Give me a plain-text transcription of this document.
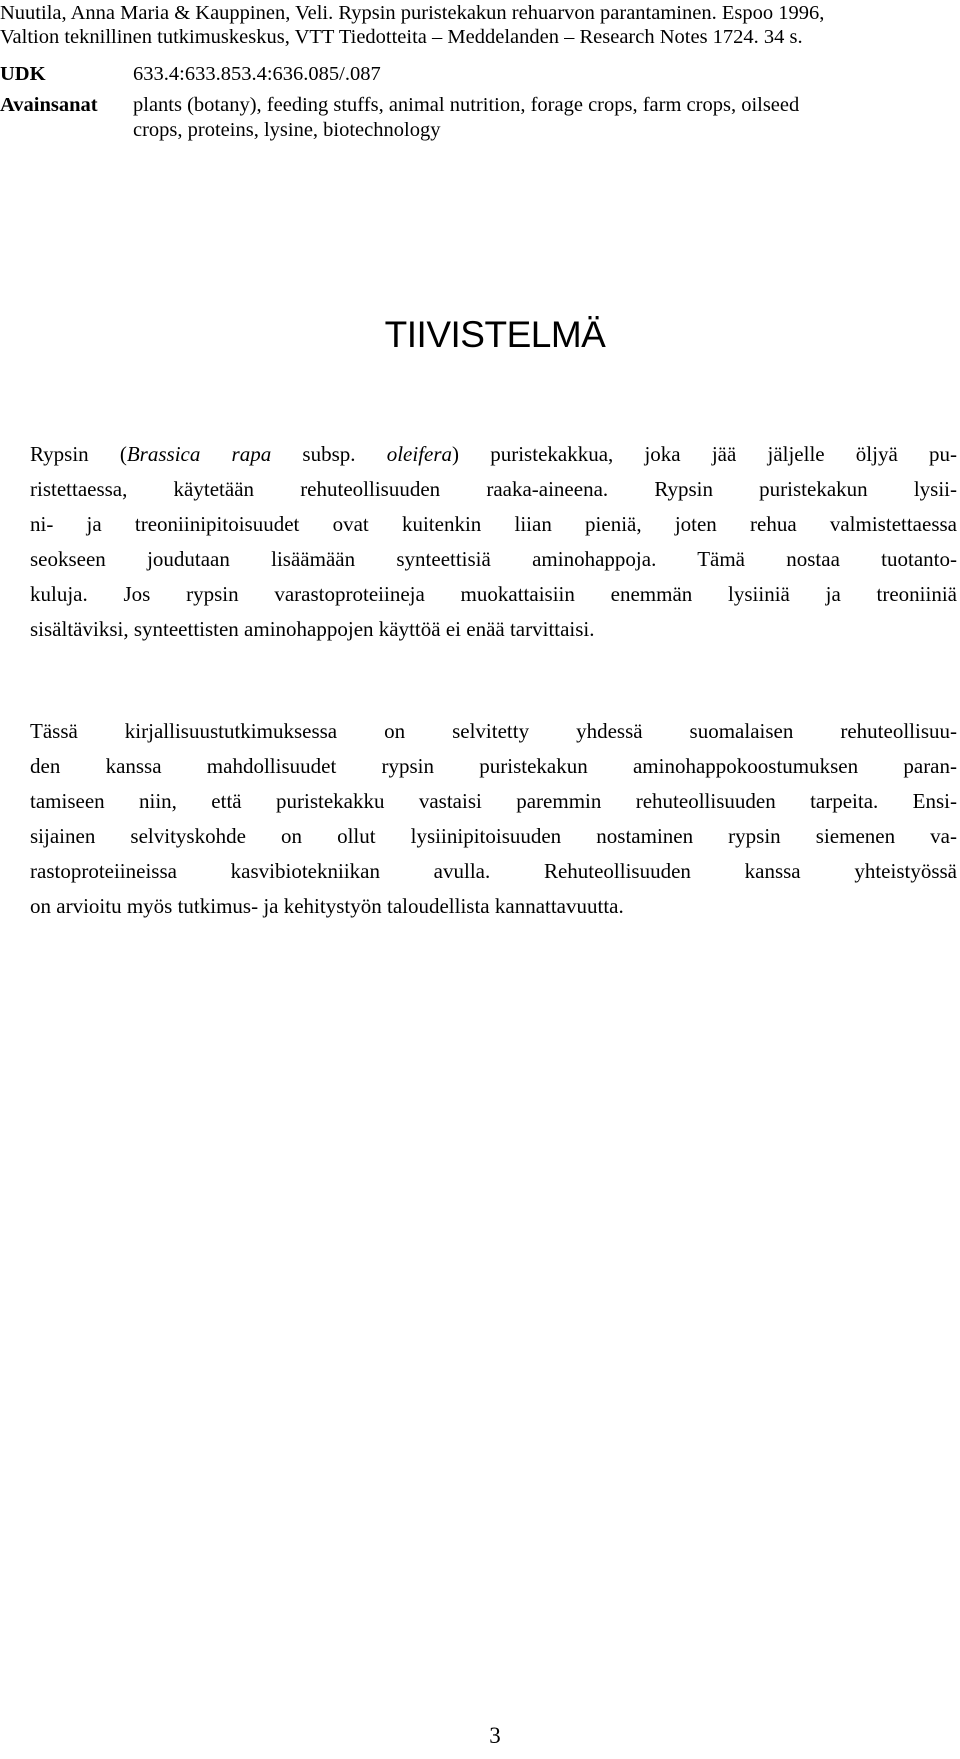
Nuutila, Anna Maria & Kauppinen, Veli. Rypsin puristekakun rehuarvon parantaminen. Espoo 1996,

Valtion teknillinen tutkimuskeskus, VTT Tiedotteita – Meddelanden – Research Notes 1724. 34 s.

UDK	633.4:633.853.4:636.085/.087
Avainsanat plants (botany), feeding stuffs, animal nutrition, forage crops, farm crops, oilseed
crops, proteins, lysine, biotechnology
TIIVISTELMÄ

Rypsin (Brassica rapa subsp. oleifera) puristekakkua, joka jää jäljelle öljyä pu-

ristettaessa, käytetään rehuteollisuuden raaka-aineena. Rypsin puristekakun lysii-

ni- ja treoniinipitoisuudet ovat kuitenkin liian pieniä, joten rehua valmistettaessa

seokseen joudutaan lisäämään synteettisiä aminohappoja. Tämä nostaa tuotanto-

kuluja. Jos rypsin varastoproteiineja muokattaisiin enemmän lysiiniä ja treoniiniä

sisältäviksi, synteettisten aminohappojen käyttöä ei enää tarvittaisi.

Tässä kirjallisuustutkimuksessa on selvitetty yhdessä suomalaisen rehuteollisuu-

den kanssa mahdollisuudet rypsin puristekakun aminohappokoostumuksen paran-

tamiseen niin, että puristekakku vastaisi paremmin rehuteollisuuden tarpeita. Ensi-

sijainen selvityskohde on ollut lysiinipitoisuuden nostaminen rypsin siemenen va-

rastoproteiineissa kasvibiotekniikan avulla. Rehuteollisuuden kanssa yhteistyössä

on arvioitu myös tutkimus- ja kehitystyön taloudellista kannattavuutta.

3
